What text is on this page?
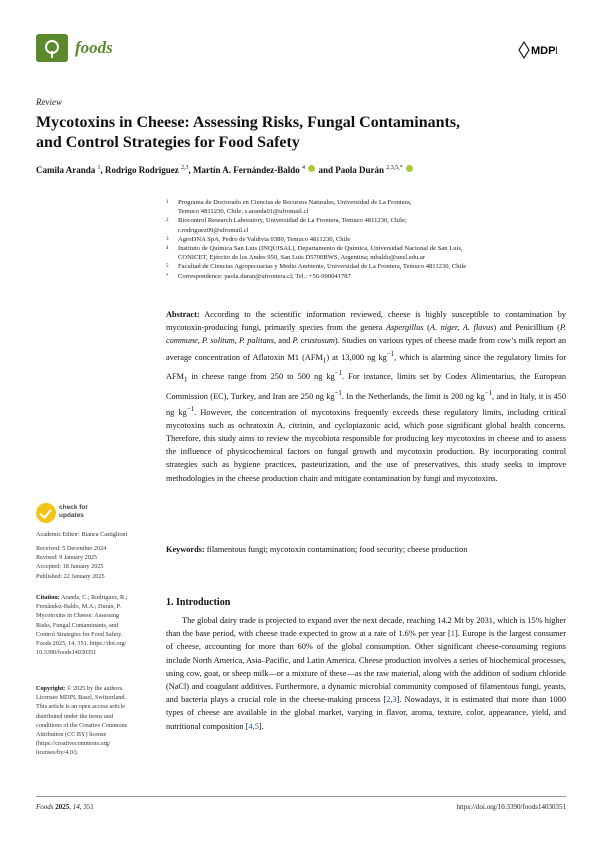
foods	MDPI
Review
Mycotoxins in Cheese: Assessing Risks, Fungal Contaminants,
and Control Strategies for Food Safety
Camila Aranda $^1$, Rodrigo Rodriguez $^{2,3}$, Martín A. Fernández-Baldo $^4$  and Paola Durán $^{2,3,5,*}$
1	Programa de Doctorado en Ciencias de Recursos Naturales, Universidad de La Frontera,
Temuco 4811230, Chile; s.aranda01@ufromail.cl
2	Biocontrol Research Laboratory, Universidad de La Frontera, Temuco 4811230, Chile;
r.rodriguez09@ufromail.cl
3	AgroDNA SpA, Pedro de Valdivia 0380, Temuco 4811230, Chile
4	Instituto de Química San Luis (INQUISAL), Departamento de Química, Universidad Nacional de San Luis,
CONICET, Ejército de los Andes 950, San Luis D5700BWS, Argentina; mbaldo@unsl.edu.ar
5	Facultad de Ciencias Agropecuarias y Medio Ambiente, Universidad de La Frontera, Temuco 4811230, Chile
*	Correspondence: paola.duran@ufrontera.cl; Tel.: +56-990041787
Abstract: According to the scientific information reviewed, cheese is highly susceptible to contamination by mycotoxin-producing fungi, primarily species from the genera Aspergillus (A. niger, A. flavus) and Penicillium (P. commune, P. solitum, P. palitans, and P. crustosum). Studies on various types of cheese made from cow’s milk report an average concentration of Aflatoxin M1 $(AFM_1)$ at 13,000 ng $kg^{-1}$, which is alarming since the regulatory limits for $AFM_1$ in cheese range from 250 to 500 ng $kg^{-1}$. For instance, limits set by Codex Alimentarius, the European Commission (EC), Turkey, and Iran are 250 ng $kg^{-1}$. In the Netherlands, the limit is 200 ng $kg^{-1}$, and in Italy, it is 450 ng $kg^{-1}$. However, the concentration of mycotoxins frequently exceeds these regulatory limits, including critical mycotoxins such as ochratoxin A, citrinin, and cyclopiazonic acid, which pose significant global health concerns. Therefore, this study aims to review the mycobiota responsible for producing key mycotoxins in cheese and to assess the influence of physicochemical factors on fungal growth and mycotoxin production. By incorporating control strategies such as hygiene practices, pasteurization, and the use of preservatives, this study seeks to improve methodologies in the cheese production chain and mitigate contamination by fungi and mycotoxins.
Keywords: filamentous fungi; mycotoxin contamination; food security; cheese production
check for
updates
Academic Editor: Bianca Castiglioni
Received: 5 December 2024
Revised: 9 January 2025
Accepted: 18 January 2025
Published: 22 January 2025
Citation: Aranda, C.; Rodriguez, R.;
Fernández-Baldo, M.A.; Durán, P.
Mycotoxins in Cheese: Assessing
Risks, Fungal Contaminants, and
Control Strategies for Food Safety.
Foods 2025, 14, 351. https://doi.org/
10.3390/foods14030351
Copyright: © 2025 by the authors.
Licensee MDPI, Basel, Switzerland.
This article is an open access article
distributed under the terms and
conditions of the Creative Commons
Attribution (CC BY) license
(https://creativecommons.org/
licenses/by/4.0/).
1. Introduction
The global dairy trade is projected to expand over the next decade, reaching 14.2 Mt by 2031, which is 15% higher than the base period, with cheese trade expected to grow at a rate of 1.6% per year [1]. Europe is the largest consumer of cheese, accounting for more than 60% of the global consumption. Other significant cheese-consuming regions include North America, Asia–Pacific, and Latin America. Cheese production involves a series of biochemical processes, using cow, goat, or sheep milk—or a mixture of these—as the raw material, along with the addition of sodium chloride (NaCl) and coagulant additives. Furthermore, a dynamic microbial community composed of filamentous fungi, yeasts, and bacteria plays a crucial role in the cheese-making process [2,3]. Nowadays, it is estimated that more than 1000 types of cheese are available in the global market, varying in flavor, aroma, texture, color, appearance, yield, and nutritional composition [4,5].
Foods 2025, 14, 351	https://doi.org/10.3390/foods14030351
